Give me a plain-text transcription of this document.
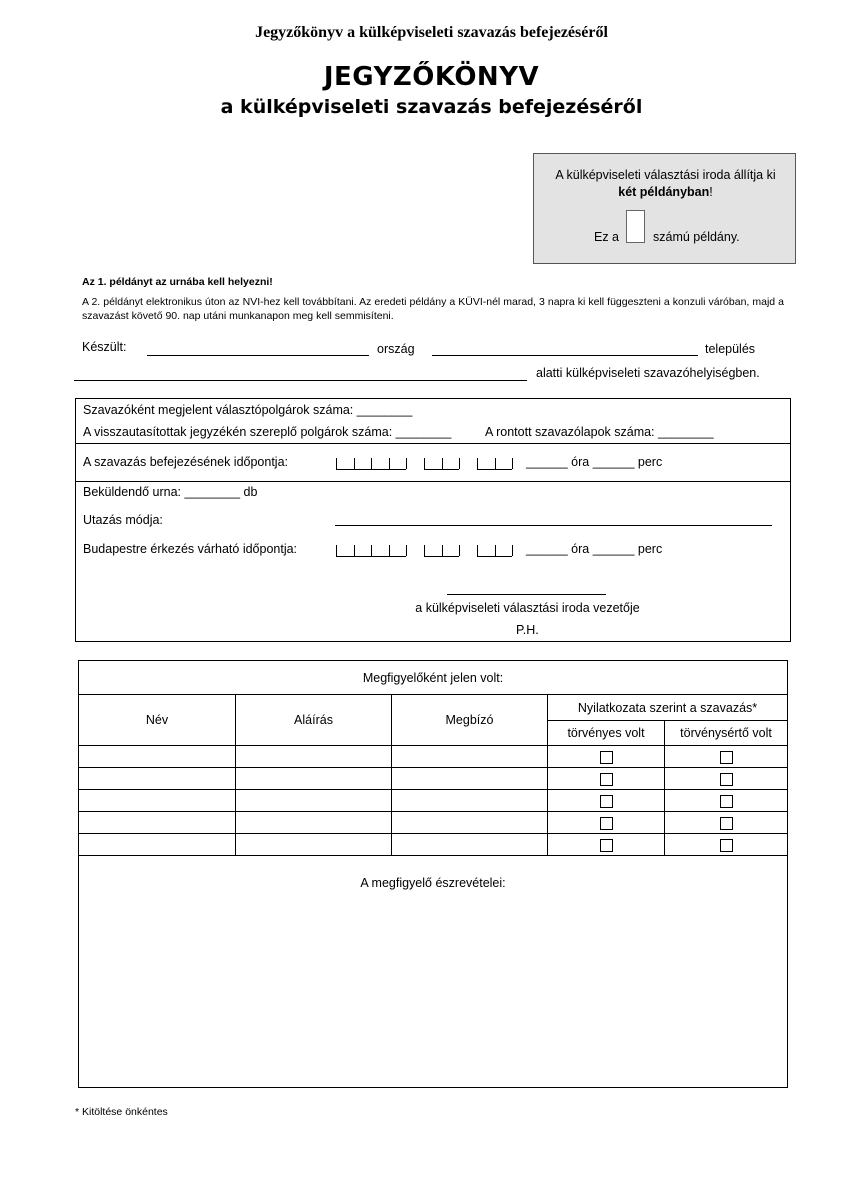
Jegyzőkönyv a külképviseleti szavazás befejezéséről
JEGYZŐKÖNYV
a külképviseleti szavazás befejezéséről
A külképviseleti választási iroda állítja ki
két példányban!
Ez a	számú példány.
Az 1. példányt az urnába kell helyezni!
A 2. példányt elektronikus úton az NVI-hez kell továbbítani. Az eredeti példány a KÜVI-nél marad, 3 napra ki kell függeszteni a konzuli váróban, majd a szavazást követő 90. nap utáni munkanapon meg kell semmisíteni.
Készült:	ország	település
alatti külképviseleti szavazóhelyiségben.
Szavazóként megjelent választópolgárok száma: ________
A visszautasítottak jegyzékén szereplő polgárok száma: ________	A rontott szavazólapok száma: ________
A szavazás befejezésének időpontja:	______ óra ______ perc
Beküldendő urna: ________ db
Utazás módja:
Budapestre érkezés várható időpontja:	______ óra ______ perc
a külképviseleti választási iroda vezetője
P.H.
Megfigyelőként jelen volt:				
Név	Aláírás	Megbízó	Nyilatkozata szerint a szavazás*	
			törvényes volt	törvénysértő volt

A megfigyelő észrevételei:				
* Kitöltése önkéntes
